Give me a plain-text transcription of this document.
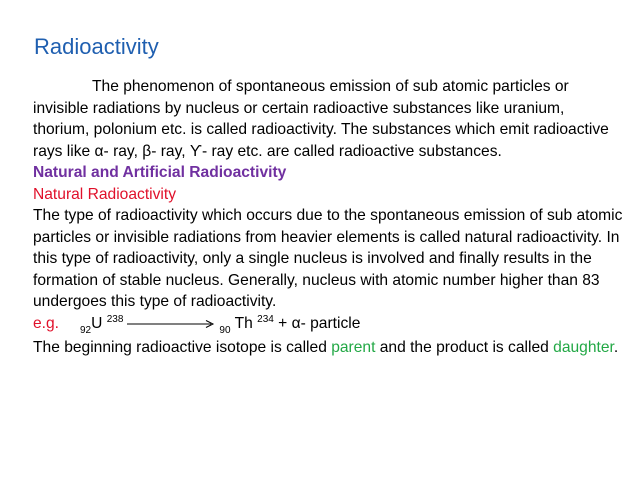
Radioactivity

The phenomenon of spontaneous emission of sub atomic particles or invisible radiations by nucleus or certain radioactive substances like uranium, thorium, polonium etc. is called radioactivity. The substances which emit radioactive rays like α- ray, β- ray, ϒ- ray etc. are called radioactive substances.

Natural and Artificial Radioactivity

Natural Radioactivity

The type of radioactivity which occurs due to the spontaneous emission of sub atomic particles or invisible radiations from heavier elements is called natural radioactivity. In this type of radioactivity, only a single nucleus is involved and finally results in the formation of stable nucleus. Generally, nucleus with atomic number higher than 83 undergoes this type of radioactivity.

e.g. $_{92}$U $^{238}_{90}$ Th $^{234}$ + α- particle

The beginning radioactive isotope is called parent and the product is called daughter.
